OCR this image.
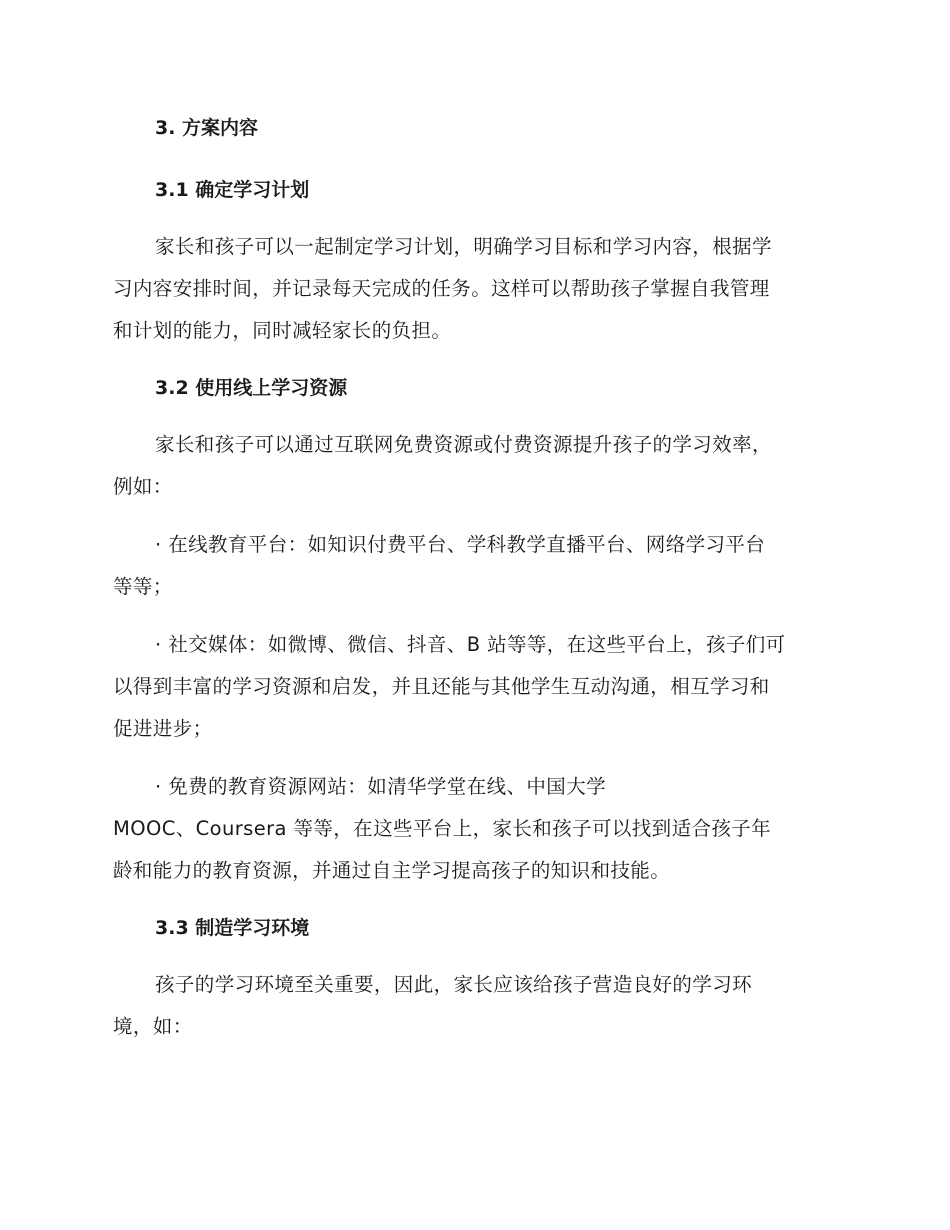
3. 方案内容
3.1 确定学习计划

家长和孩子可以一起制定学习计划，明确学习目标和学习内容，根据学
习内容安排时间，并记录每天完成的任务。这样可以帮助孩子掌握自我管理
和计划的能力，同时减轻家长的负担。

3.2 使用线上学习资源

家长和孩子可以通过互联网免费资源或付费资源提升孩子的学习效率，
例如：

· 在线教育平台：如知识付费平台、学科教学直播平台、网络学习平台
等等；

· 社交媒体：如微博、微信、抖音、B 站等等，在这些平台上，孩子们可
以得到丰富的学习资源和启发，并且还能与其他学生互动沟通，相互学习和
促进进步；

· 免费的教育资源网站：如清华学堂在线、中国大学
MOOC、Coursera 等等，在这些平台上，家长和孩子可以找到适合孩子年
龄和能力的教育资源，并通过自主学习提高孩子的知识和技能。

3.3 制造学习环境

孩子的学习环境至关重要，因此，家长应该给孩子营造良好的学习环
境，如：
